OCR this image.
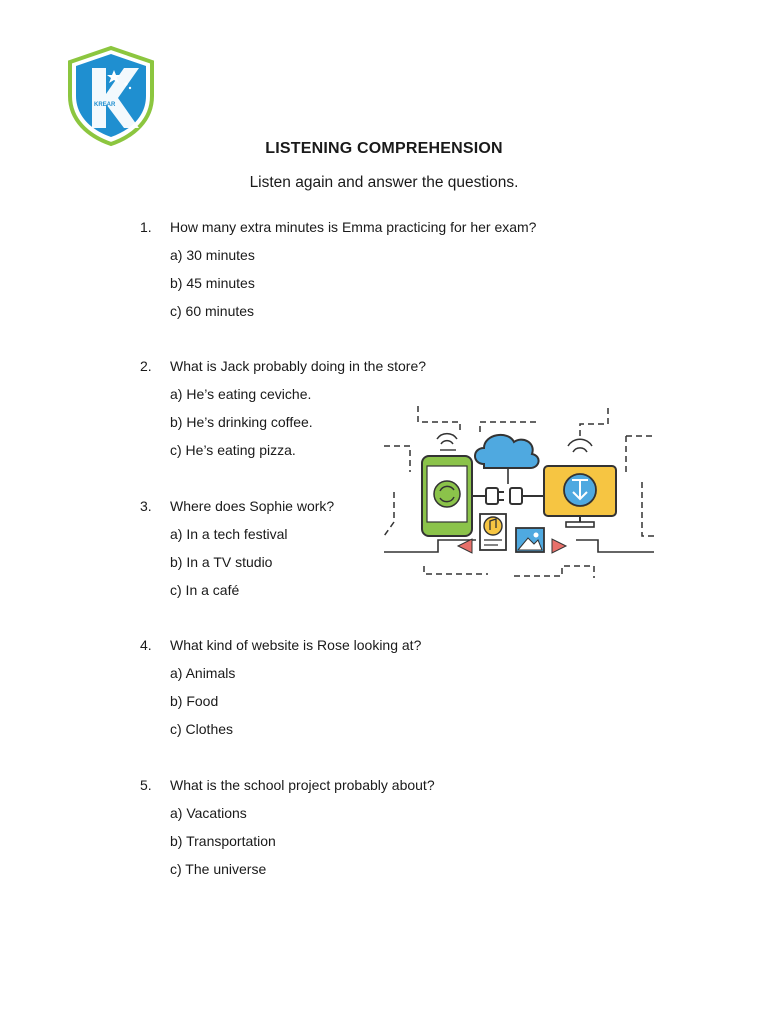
KREAR
LISTENING COMPREHENSION
Listen again and answer the questions.
1. How many extra minutes is Emma practicing for her exam?
a) 30 minutes
b) 45 minutes
c) 60 minutes
2. What is Jack probably doing in the store?
a) He’s eating ceviche.
b) He’s drinking coffee.
c) He’s eating pizza.
3. Where does Sophie work?
a) In a tech festival
b) In a TV studio
c) In a café
4. What kind of website is Rose looking at?
a) Animals
b) Food
c) Clothes
5. What is the school project probably about?
a) Vacations
b) Transportation
c) The universe
